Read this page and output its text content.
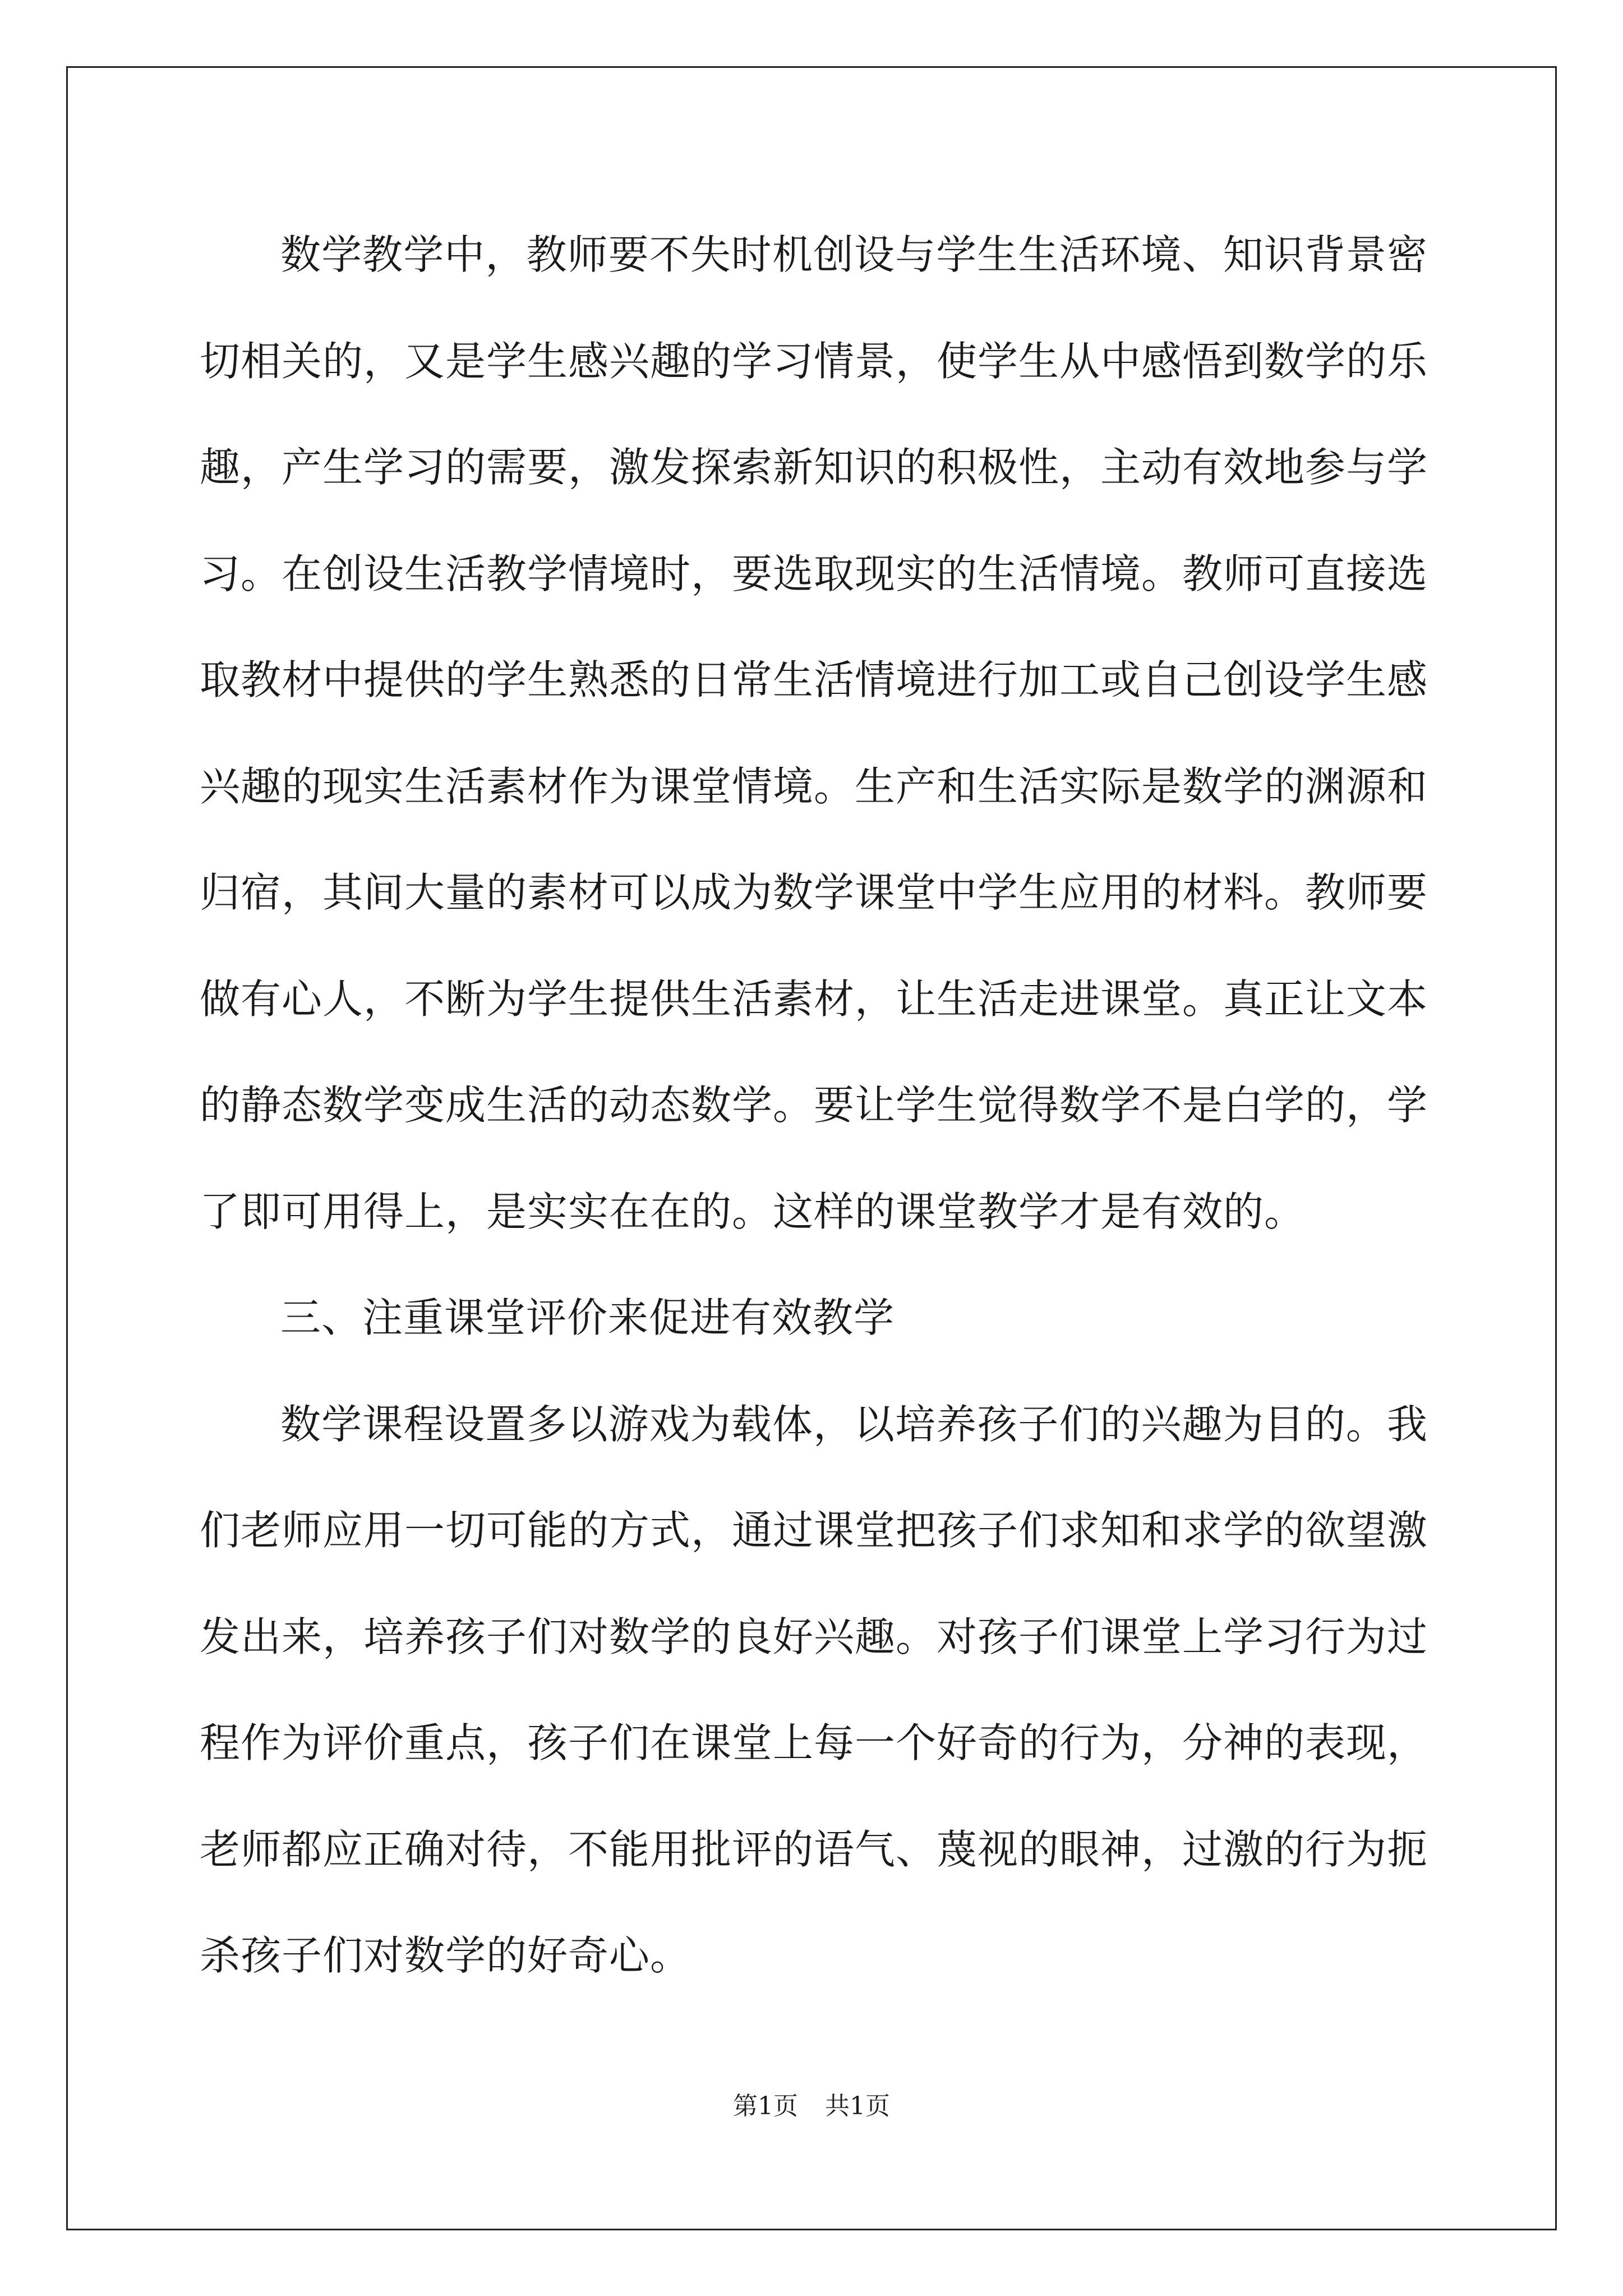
数学教学中，教师要不失时机创设与学生生活环境、知识背景密
切相关的，又是学生感兴趣的学习情景，使学生从中感悟到数学的乐
趣，产生学习的需要，激发探索新知识的积极性，主动有效地参与学
习。在创设生活教学情境时，要选取现实的生活情境。教师可直接选
取教材中提供的学生熟悉的日常生活情境进行加工或自己创设学生感
兴趣的现实生活素材作为课堂情境。生产和生活实际是数学的渊源和
归宿，其间大量的素材可以成为数学课堂中学生应用的材料。教师要
做有心人，不断为学生提供生活素材，让生活走进课堂。真正让文本
的静态数学变成生活的动态数学。要让学生觉得数学不是白学的，学
了即可用得上，是实实在在的。这样的课堂教学才是有效的。
三、注重课堂评价来促进有效教学
数学课程设置多以游戏为载体，以培养孩子们的兴趣为目的。我
们老师应用一切可能的方式，通过课堂把孩子们求知和求学的欲望激
发出来，培养孩子们对数学的良好兴趣。对孩子们课堂上学习行为过
程作为评价重点，孩子们在课堂上每一个好奇的行为，分神的表现，
老师都应正确对待，不能用批评的语气、蔑视的眼神，过激的行为扼
杀孩子们对数学的好奇心。
第1页 共1页
